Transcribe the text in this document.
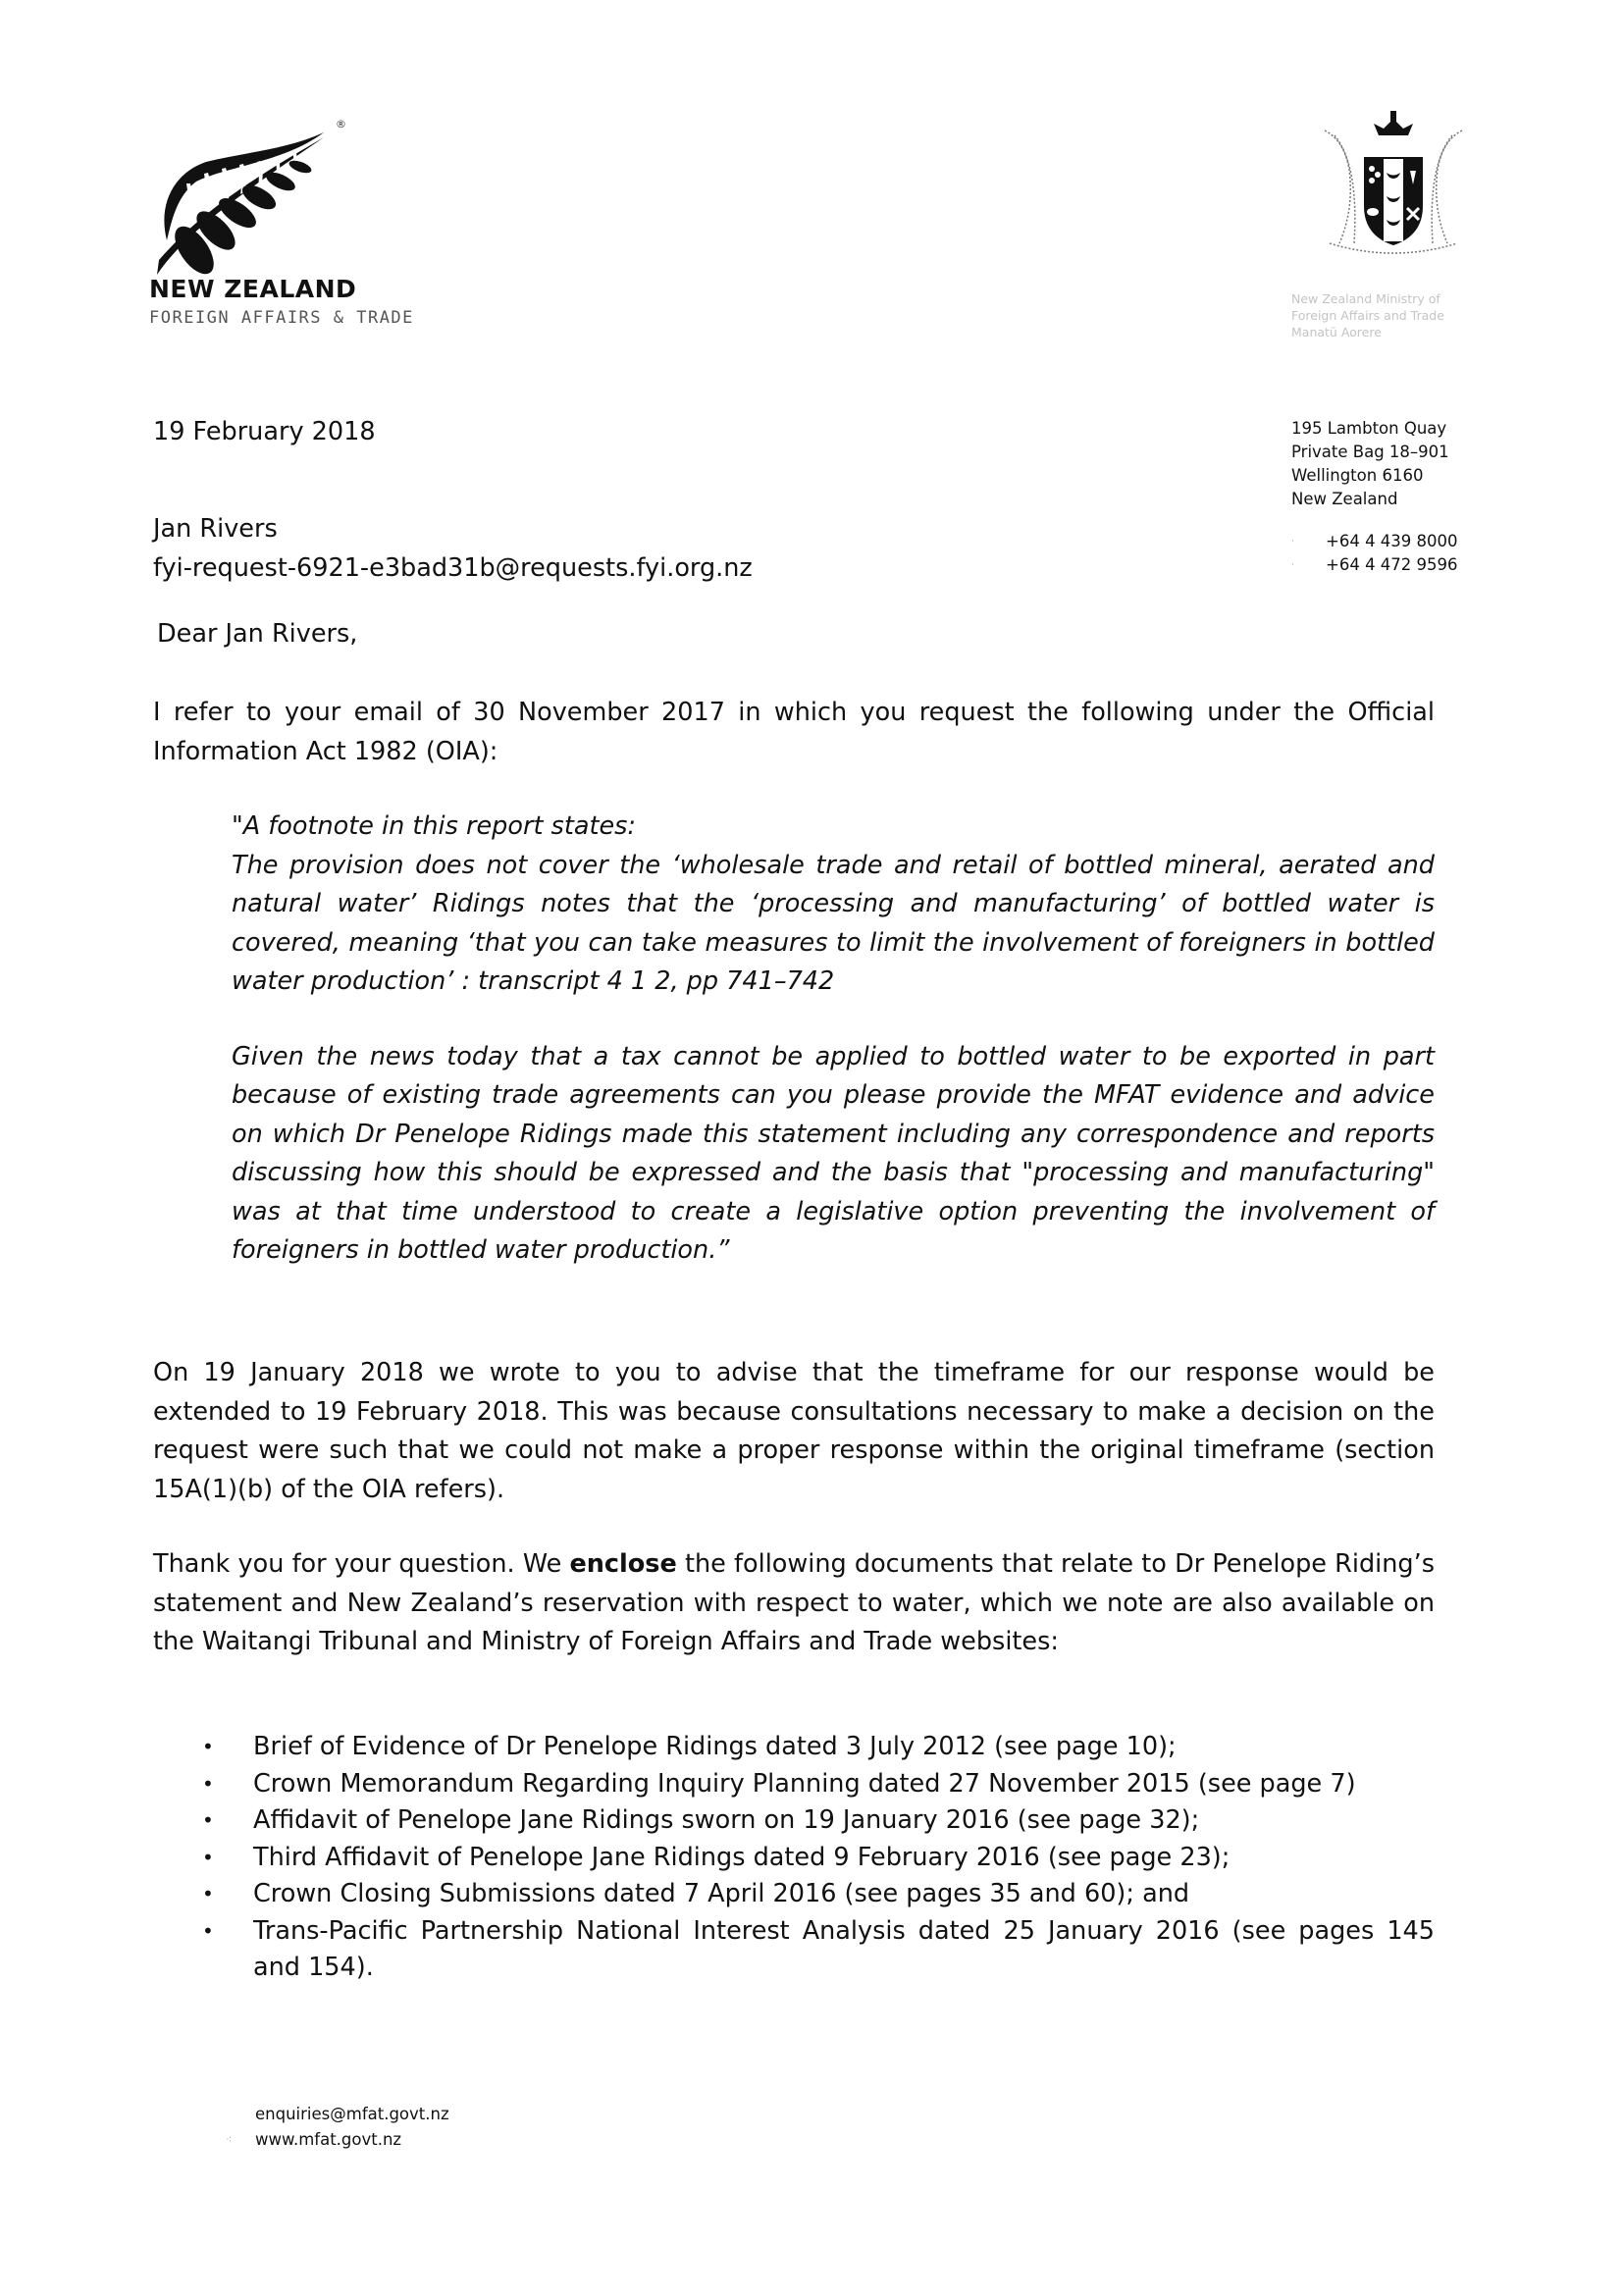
®
NEW ZEALAND
FOREIGN AFFAIRS & TRADE
New Zealand Ministry of
Foreign Affairs and Trade
Manatū Aorere
195 Lambton Quay
Private Bag 18–901
Wellington 6160
New Zealand
·	+64 4 439 8000
·	+64 4 472 9596
19 February 2018
Jan Rivers
fyi-request-6921-e3bad31b@requests.fyi.org.nz
Dear Jan Rivers,

I refer to your email of 30 November 2017 in which you request the following under the Official Information Act 1982 (OIA):

"A footnote in this report states:

The provision does not cover the ‘wholesale trade and retail of bottled mineral, aerated and natural water’ Ridings notes that the ‘processing and manufacturing’ of bottled water is covered, meaning ‘that you can take measures to limit the involvement of foreigners in bottled water production’ : transcript 4 1 2, pp 741–742

Given the news today that a tax cannot be applied to bottled water to be exported in part because of existing trade agreements can you please provide the MFAT evidence and advice on which Dr Penelope Ridings made this statement including any correspondence and reports discussing how this should be expressed and the basis that "processing and manufacturing" was at that time understood to create a legislative option preventing the involvement of foreigners in bottled water production.”

On 19 January 2018 we wrote to you to advise that the timeframe for our response would be extended to 19 February 2018. This was because consultations necessary to make a decision on the request were such that we could not make a proper response within the original timeframe (section 15A(1)(b) of the OIA refers).

Thank you for your question. We enclose the following documents that relate to Dr Penelope Riding’s statement and New Zealand’s reservation with respect to water, which we note are also available on the Waitangi Tribunal and Ministry of Foreign Affairs and Trade websites:

• Brief of Evidence of Dr Penelope Ridings dated 3 July 2012 (see page 10);
• Crown Memorandum Regarding Inquiry Planning dated 27 November 2015 (see page 7)
• Affidavit of Penelope Jane Ridings sworn on 19 January 2016 (see page 32);
• Third Affidavit of Penelope Jane Ridings dated 9 February 2016 (see page 23);
• Crown Closing Submissions dated 7 April 2016 (see pages 35 and 60); and
• Trans-Pacific Partnership National Interest Analysis dated 25 January 2016 (see pages 145 and 154).
enquiries@mfat.govt.nz
⁖	www.mfat.govt.nz
